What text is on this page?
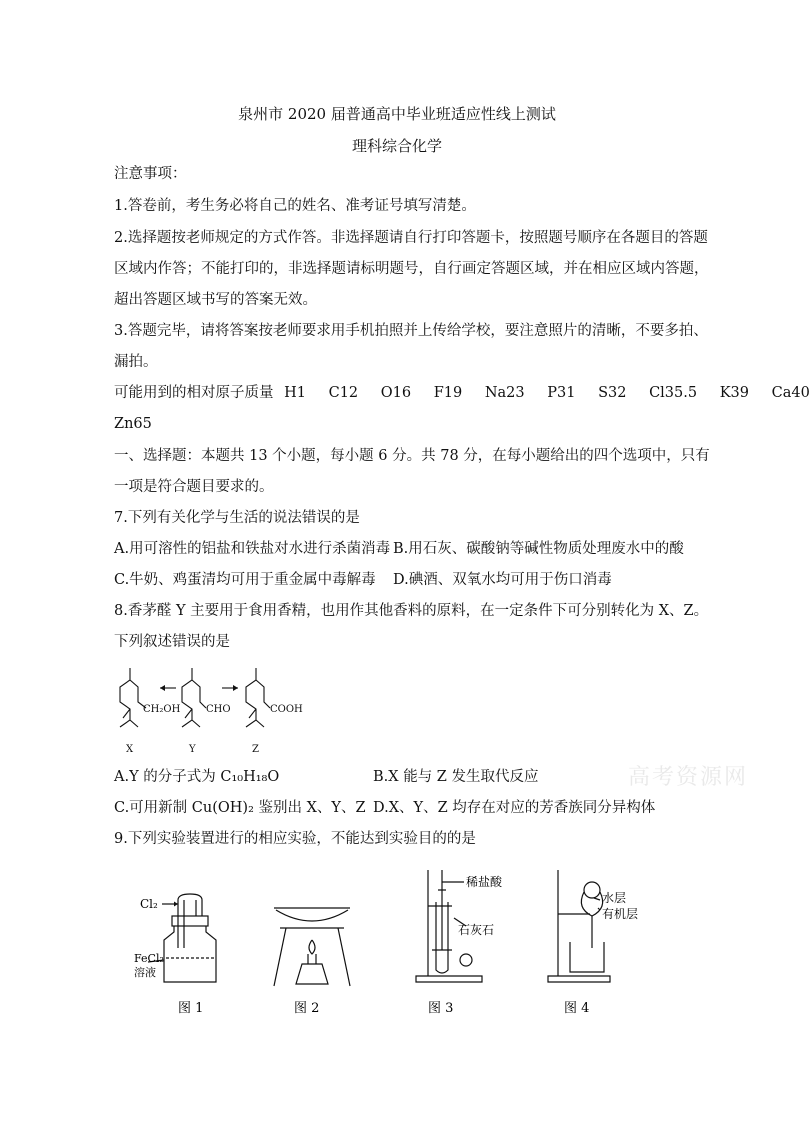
泉州市 2020 届普通高中毕业班适应性线上测试
理科综合化学
注意事项：
1.答卷前，考生务必将自己的姓名、准考证号填写清楚。
2.选择题按老师规定的方式作答。非选择题请自行打印答题卡，按照题号顺序在各题目的答题
区域内作答；不能打印的，非选择题请标明题号，自行画定答题区域，并在相应区域内答题，
超出答题区域书写的答案无效。
3.答题完毕，请将答案按老师要求用手机拍照并上传给学校，要注意照片的清晰，不要多拍、
漏拍。
可能用到的相对原子质量 H1 C12 O16 F19 Na23 P31 S32 Cl35.5 K39 Ca40
Zn65
一、选择题：本题共 13 个小题，每小题 6 分。共 78 分，在每小题给出的四个选项中，只有
一项是符合题目要求的。
7.下列有关化学与生活的说法错误的是
A.用可溶性的铝盐和铁盐对水进行杀菌消毒 B.用石灰、碳酸钠等碱性物质处理废水中的酸
C.牛奶、鸡蛋清均可用于重金属中毒解毒 D.碘酒、双氧水均可用于伤口消毒
8.香茅醛 Y 主要用于食用香精，也用作其他香料的原料，在一定条件下可分别转化为 X、Z。
下列叙述错误的是
CH₂OH	CHO	COOH
X	Y	Z
A.Y 的分子式为 C₁₀H₁₈O	B.X 能与 Z 发生取代反应
C.可用新制 Cu(OH)₂ 鉴别出 X、Y、Z D.X、Y、Z 均存在对应的芳香族同分异构体
9.下列实验装置进行的相应实验，不能达到实验目的的是
Cl₂
FeCl₂
溶液
图 1	图 2
稀盐酸
石灰石
图 3
水层
有机层
图 4
高考资源网
